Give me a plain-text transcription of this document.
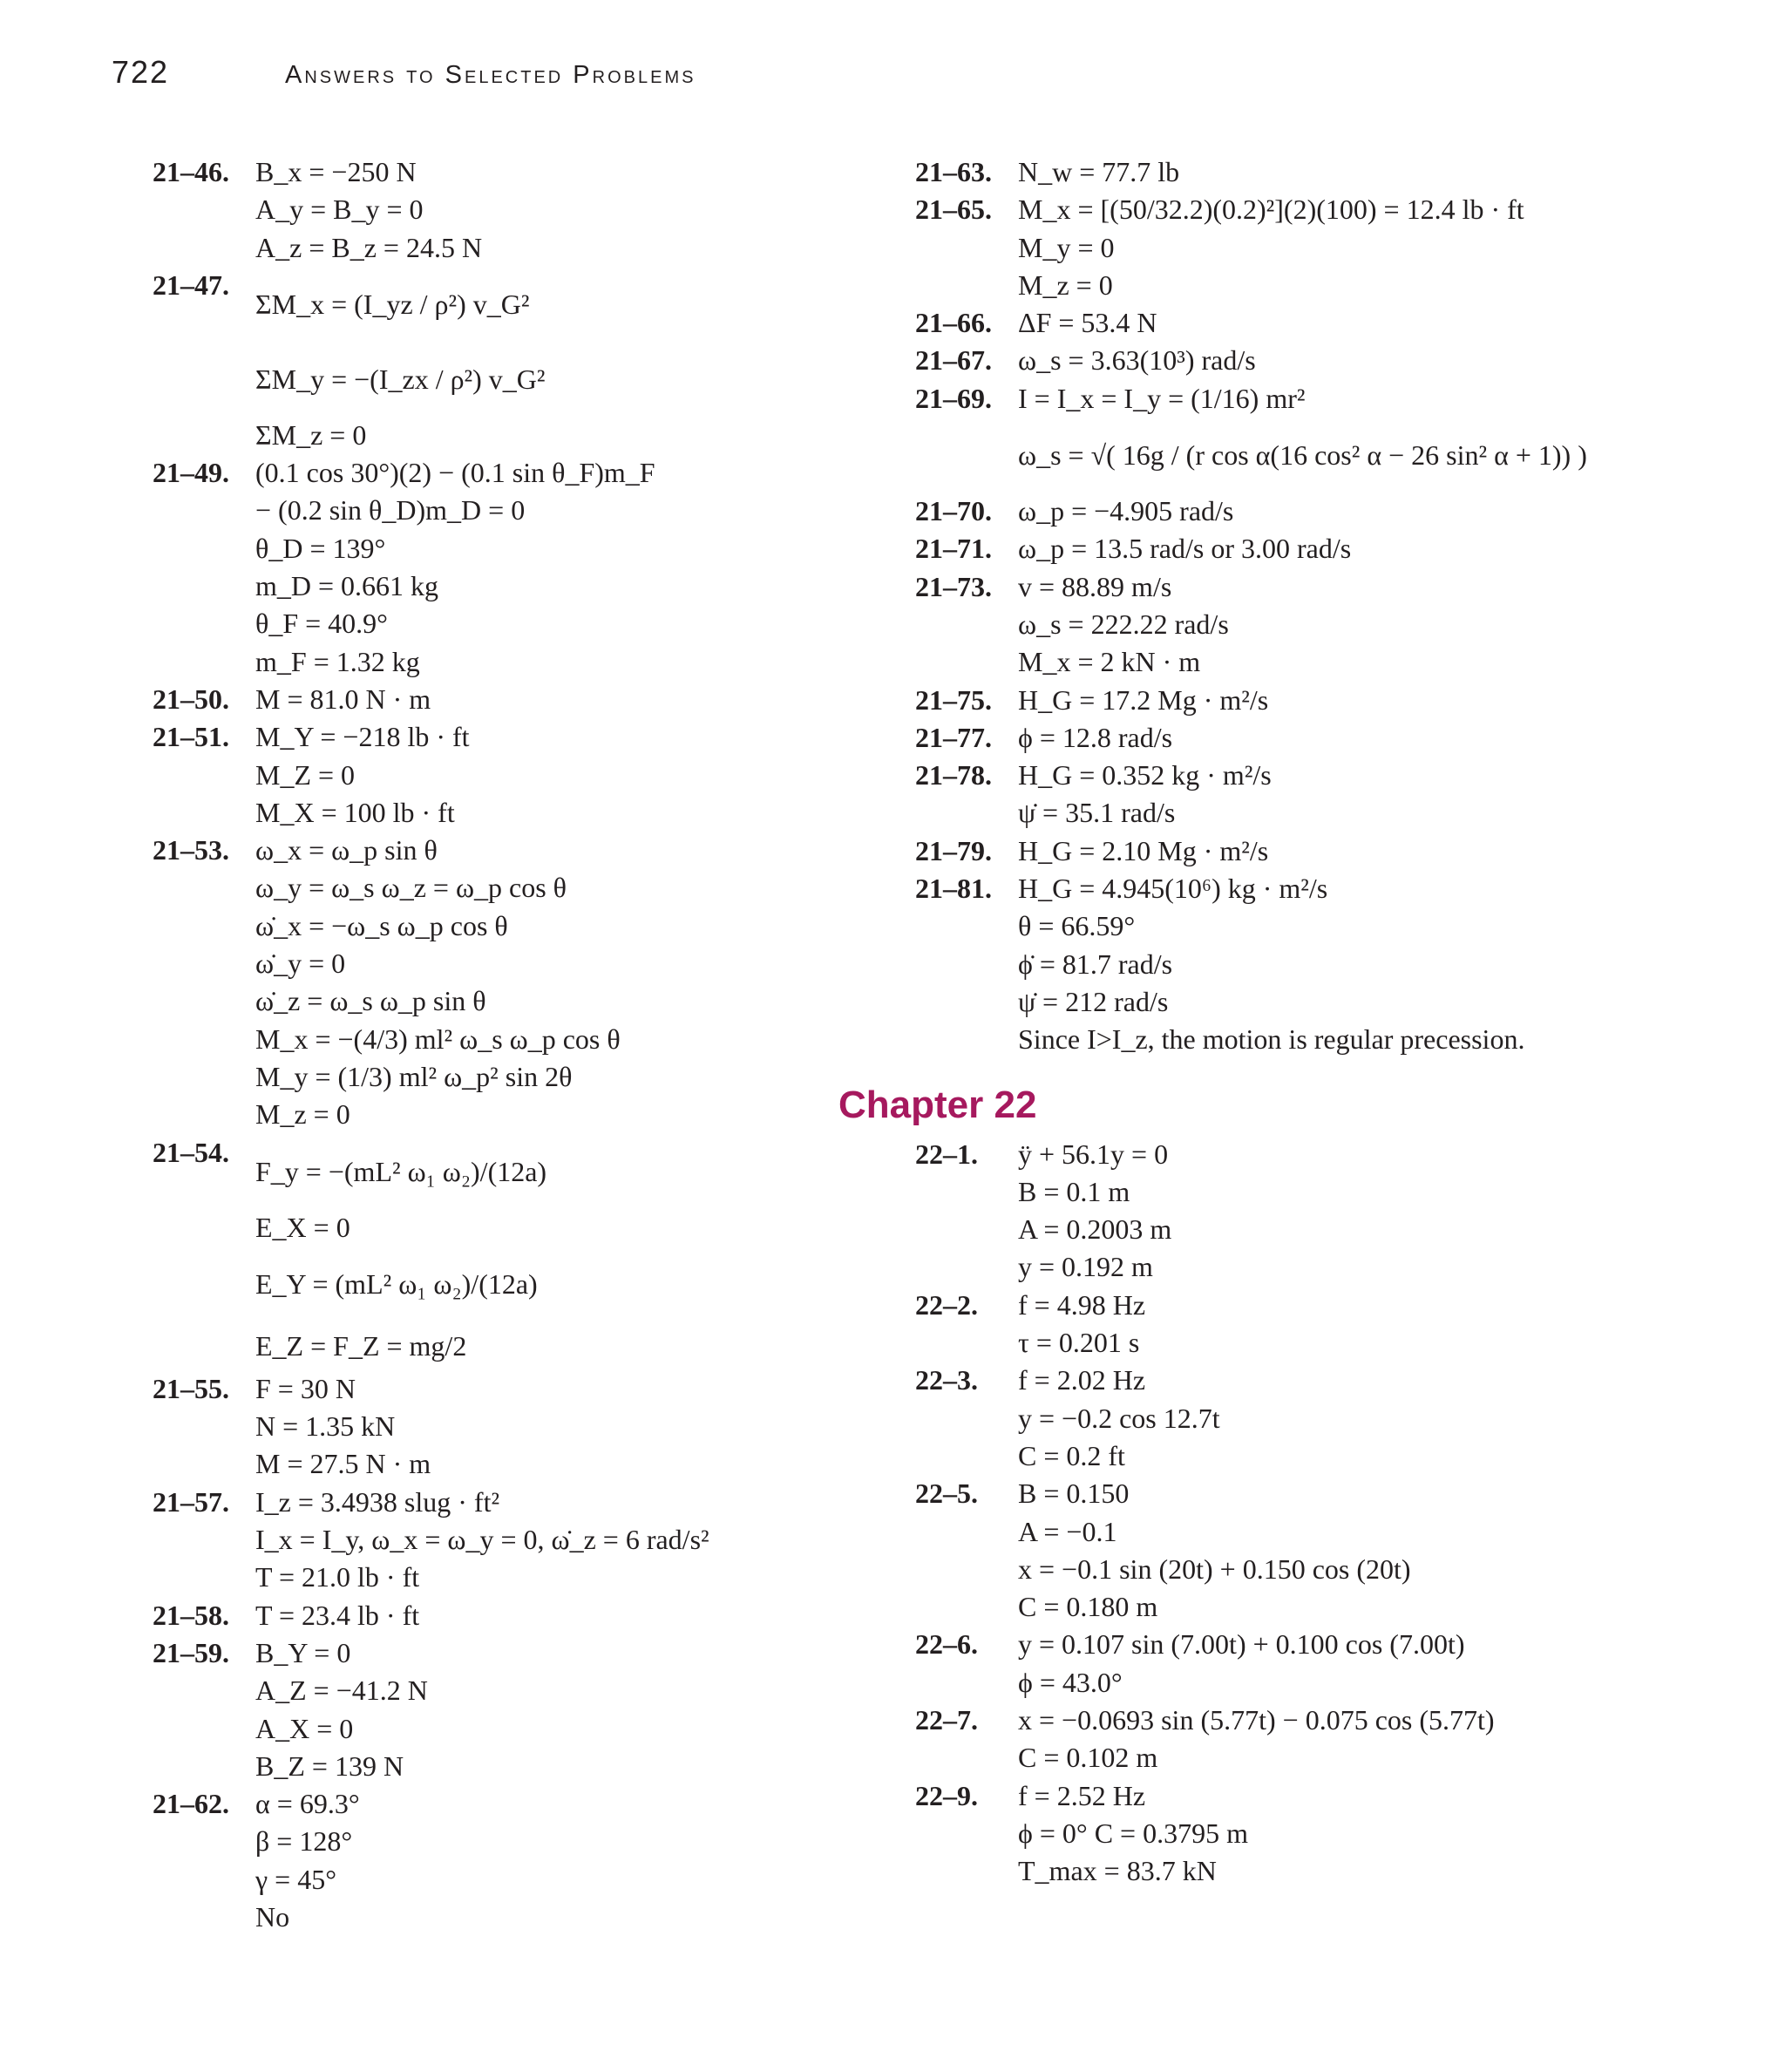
722	Answers to Selected Problems
21–46. B_x = −250 N
A_y = B_y = 0
A_z = B_z = 24.5 N
21–47.
ΣM_x = (I_yz / ρ²) v_G²
ΣM_y = −(I_zx / ρ²) v_G²
ΣM_z = 0
21–49. (0.1 cos 30°)(2) − (0.1 sin θ_F)m_F
− (0.2 sin θ_D)m_D = 0
θ_D = 139°
m_D = 0.661 kg
θ_F = 40.9°
m_F = 1.32 kg
21–50. M = 81.0 N · m
21–51. M_Y = −218 lb · ft
M_Z = 0
M_X = 100 lb · ft
21–53. ω_x = ω_p sin θ
ω_y = ω_s ω_z = ω_p cos θ
ω̇_x = −ω_s ω_p cos θ
ω̇_y = 0
ω̇_z = ω_s ω_p sin θ
M_x = −(4/3) ml² ω_s ω_p cos θ
M_y = (1/3) ml² ω_p² sin 2θ
M_z = 0
21–54.
F_y = −(mL² ω₁ ω₂)/(12a)
E_X = 0
E_Y = (mL² ω₁ ω₂)/(12a)
E_Z = F_Z = mg/2
21–55. F = 30 N
N = 1.35 kN
M = 27.5 N · m
21–57. I_z = 3.4938 slug · ft²
I_x = I_y, ω_x = ω_y = 0, ω̇_z = 6 rad/s²
T = 21.0 lb · ft
21–58. T = 23.4 lb · ft
21–59. B_Y = 0
A_Z = −41.2 N
A_X = 0
B_Z = 139 N
21–62. α = 69.3°
β = 128°
γ = 45°
No
21–63. N_w = 77.7 lb
21–65. M_x = [(50/32.2)(0.2)²](2)(100) = 12.4 lb · ft
M_y = 0
M_z = 0
21–66. ΔF = 53.4 N
21–67. ω_s = 3.63(10³) rad/s
21–69. I = I_x = I_y = (1/16) mr²
ω_s = √( 16g / (r cos α(16 cos² α − 26 sin² α + 1)) )
21–70. ω_p = −4.905 rad/s
21–71. ω_p = 13.5 rad/s or 3.00 rad/s
21–73. v = 88.89 m/s
ω_s = 222.22 rad/s
M_x = 2 kN · m
21–75. H_G = 17.2 Mg · m²/s
21–77. ϕ = 12.8 rad/s
21–78. H_G = 0.352 kg · m²/s
ψ̇ = 35.1 rad/s
21–79. H_G = 2.10 Mg · m²/s
21–81. H_G = 4.945(10⁶) kg · m²/s
θ = 66.59°
ϕ̇ = 81.7 rad/s
ψ̇ = 212 rad/s
Since I>I_z, the motion is regular precession.
Chapter 22
22–1. ÿ + 56.1y = 0
B = 0.1 m
A = 0.2003 m
y = 0.192 m
22–2. f = 4.98 Hz
τ = 0.201 s
22–3. f = 2.02 Hz
y = −0.2 cos 12.7t
C = 0.2 ft
22–5. B = 0.150
A = −0.1
x = −0.1 sin (20t) + 0.150 cos (20t)
C = 0.180 m
22–6. y = 0.107 sin (7.00t) + 0.100 cos (7.00t)
ϕ = 43.0°
22–7. x = −0.0693 sin (5.77t) − 0.075 cos (5.77t)
C = 0.102 m
22–9. f = 2.52 Hz
ϕ = 0° C = 0.3795 m
T_max = 83.7 kN
